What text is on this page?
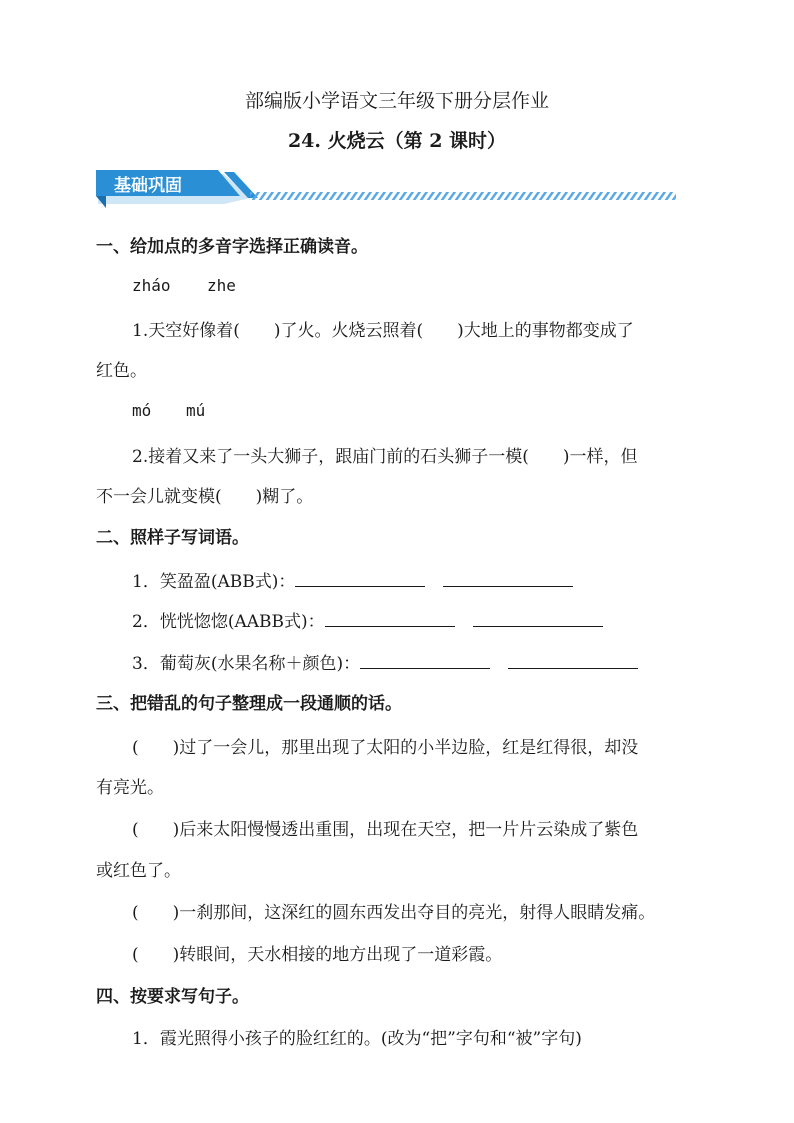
部编版小学语文三年级下册分层作业
24. 火烧云（第 2 课时）
基础巩固
一、给加点的多音字选择正确读音。
zháo zhe
1.天空好像着(　　)了火。火烧云照着(　　)大地上的事物都变成了
红色。
mó mú
2.接着又来了一头大狮子，跟庙门前的石头狮子一模(　　)一样，但
不一会儿就变模(　　)糊了。
二、照样子写词语。
1．笑盈盈(ABB式)：
2．恍恍惚惚(AABB式)：
3．葡萄灰(水果名称＋颜色)：
三、把错乱的句子整理成一段通顺的话。
(　　)过了一会儿，那里出现了太阳的小半边脸，红是红得很，却没
有亮光。
(　　)后来太阳慢慢透出重围，出现在天空，把一片片云染成了紫色
或红色了。
(　　)一刹那间，这深红的圆东西发出夺目的亮光，射得人眼睛发痛。
(　　)转眼间，天水相接的地方出现了一道彩霞。
四、按要求写句子。
1．霞光照得小孩子的脸红红的。(改为“把”字句和“被”字句)
